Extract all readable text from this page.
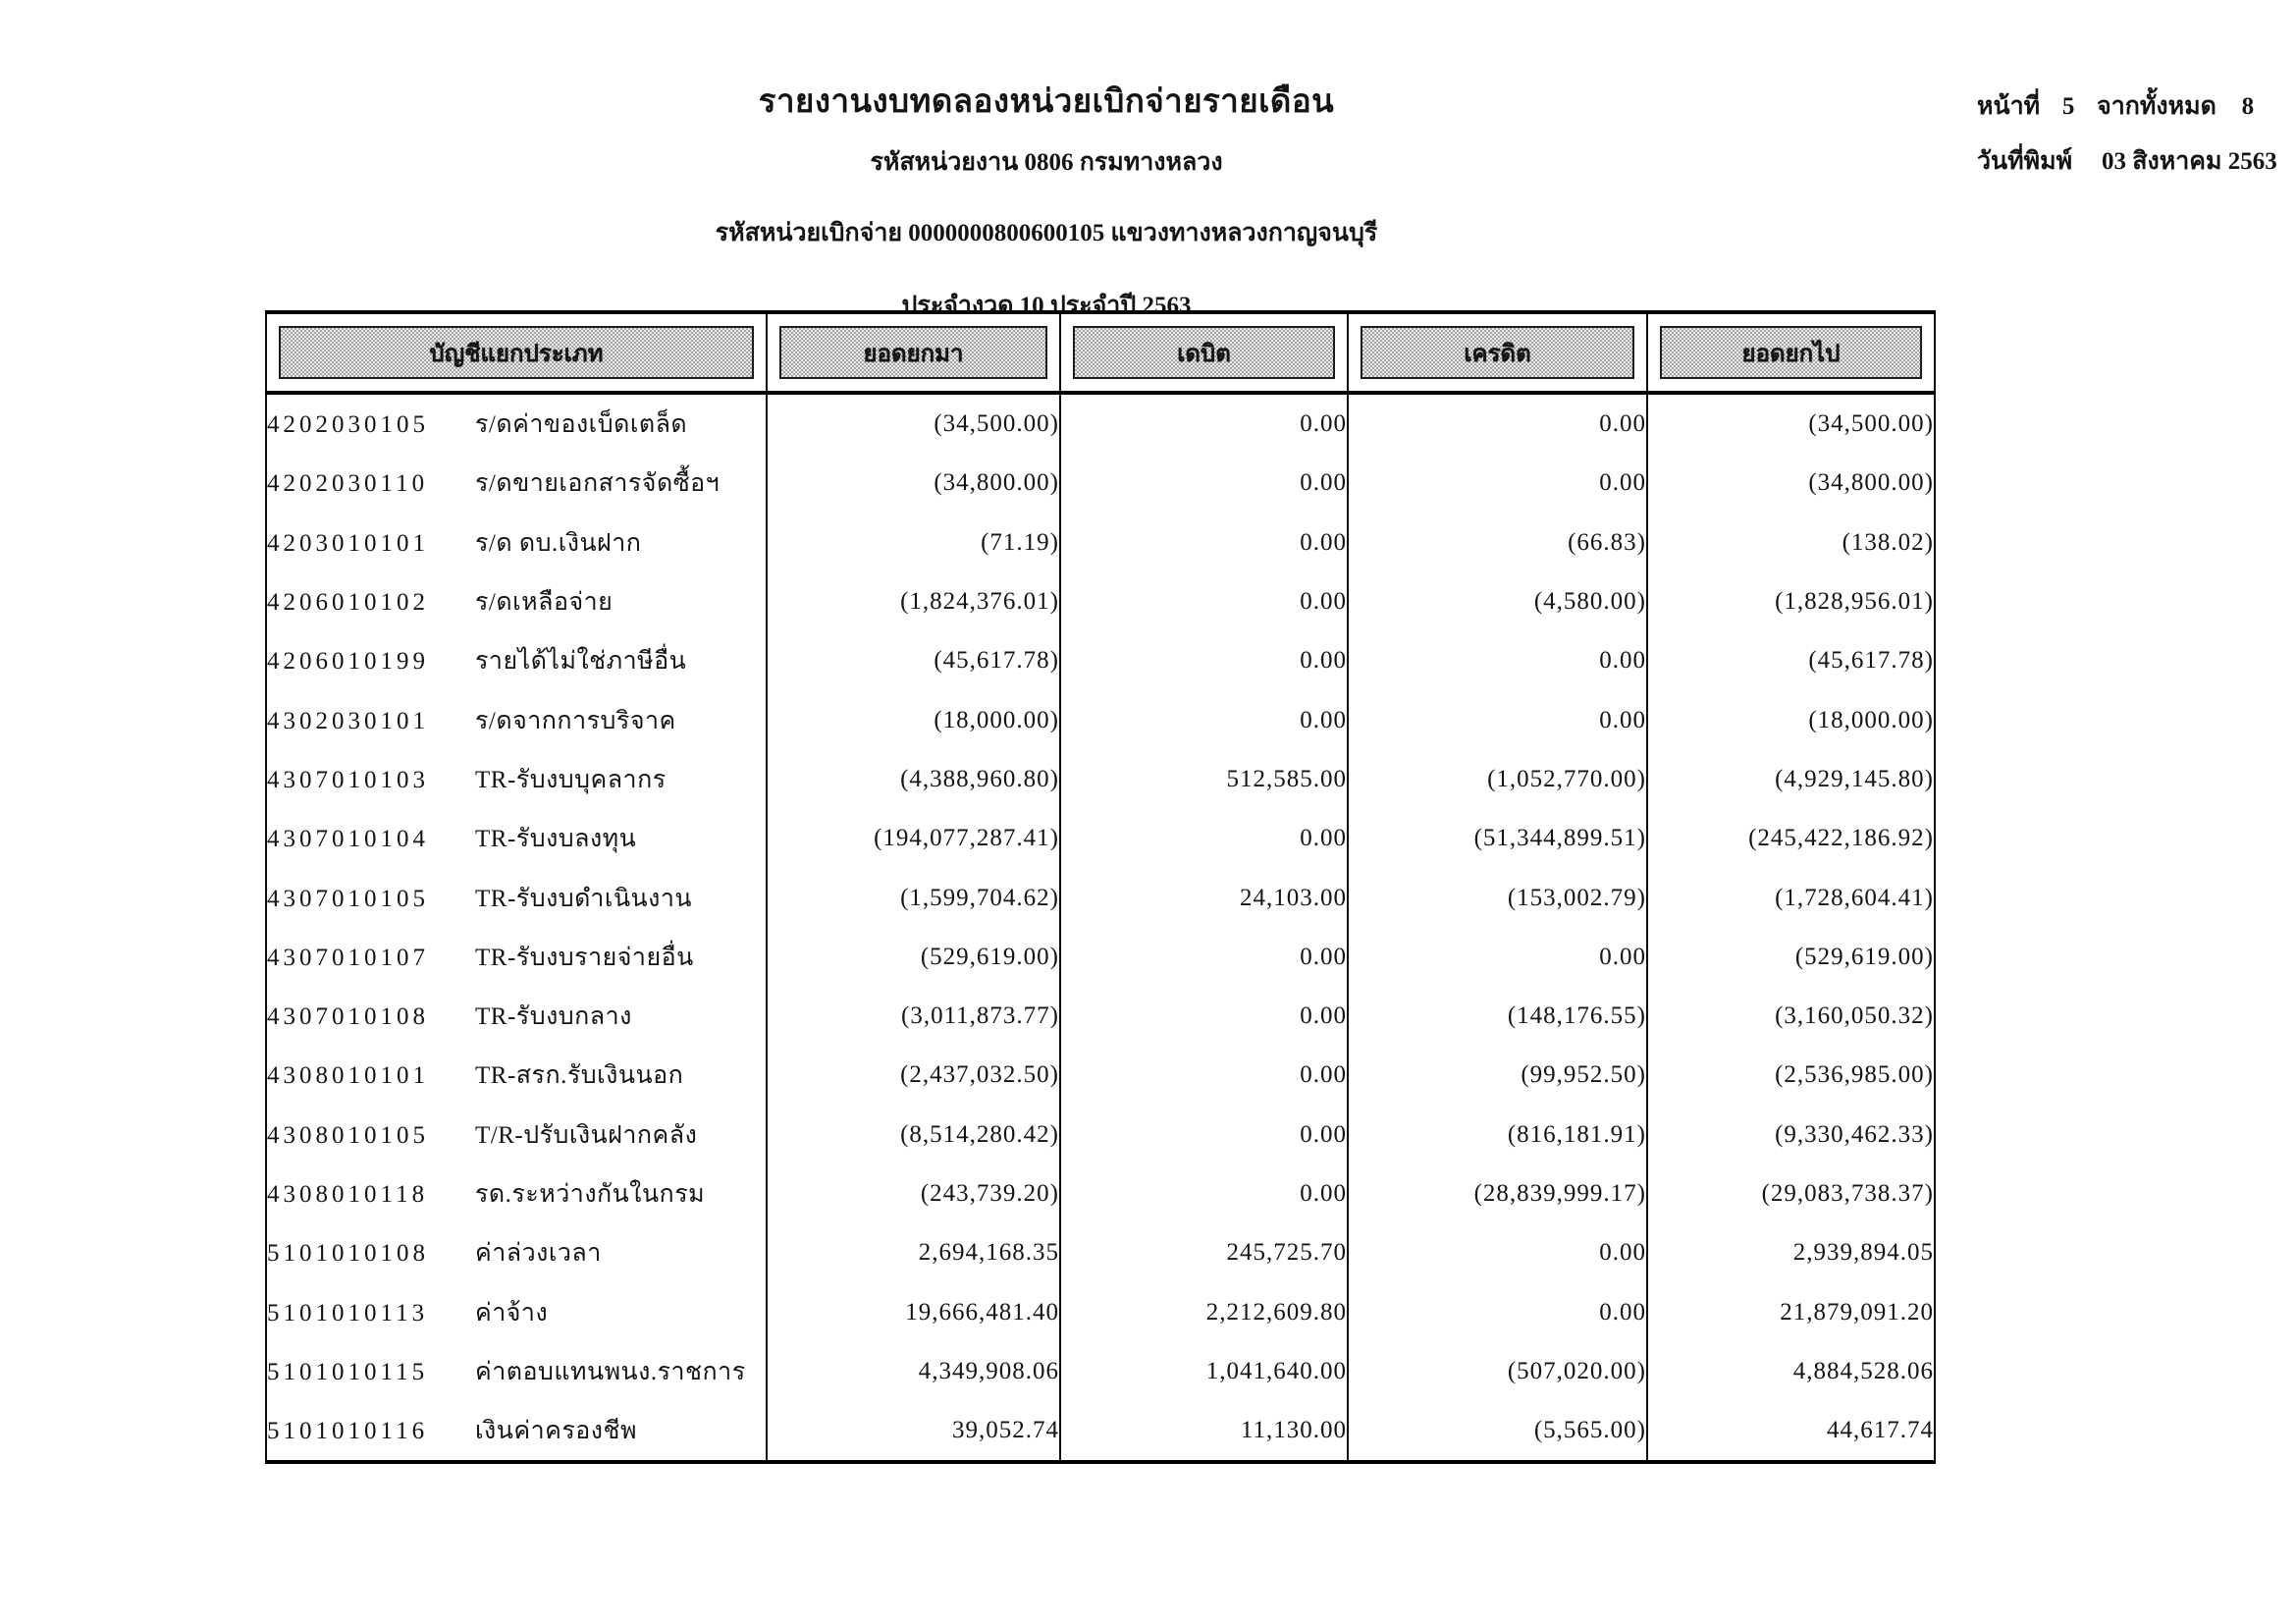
รายงานงบทดลองหน่วยเบิกจ่ายรายเดือน
รหัสหน่วยงาน 0806 กรมทางหลวง
รหัสหน่วยเบิกจ่าย 0000000800600105 แขวงทางหลวงกาญจนบุรี
ประจำงวด 10 ประจำปี 2563
หน้าที่ 5 จากทั้งหมด	8
วันที่พิมพ์ 03 สิงหาคม 2563
บัญชีแยกประเภท	ยอดยกมา	เดบิต	เครดิต	ยอดยกไป

4202030105 ร/ดค่าของเบ็ดเตล็ด	(34,500.00)	0.00	0.00	(34,500.00)
4202030110 ร/ดขายเอกสารจัดซื้อฯ	(34,800.00)	0.00	0.00	(34,800.00)
4203010101 ร/ด ดบ.เงินฝาก	(71.19)	0.00	(66.83)	(138.02)
4206010102 ร/ดเหลือจ่าย	(1,824,376.01)	0.00	(4,580.00)	(1,828,956.01)
4206010199 รายได้ไม่ใช่ภาษีอื่น	(45,617.78)	0.00	0.00	(45,617.78)
4302030101 ร/ดจากการบริจาค	(18,000.00)	0.00	0.00	(18,000.00)
4307010103 TR-รับงบบุคลากร	(4,388,960.80)	512,585.00	(1,052,770.00)	(4,929,145.80)
4307010104 TR-รับงบลงทุน	(194,077,287.41)	0.00	(51,344,899.51)	(245,422,186.92)
4307010105 TR-รับงบดำเนินงาน	(1,599,704.62)	24,103.00	(153,002.79)	(1,728,604.41)
4307010107 TR-รับงบรายจ่ายอื่น	(529,619.00)	0.00	0.00	(529,619.00)
4307010108 TR-รับงบกลาง	(3,011,873.77)	0.00	(148,176.55)	(3,160,050.32)
4308010101 TR-สรก.รับเงินนอก	(2,437,032.50)	0.00	(99,952.50)	(2,536,985.00)
4308010105 T/R-ปรับเงินฝากคลัง	(8,514,280.42)	0.00	(816,181.91)	(9,330,462.33)
4308010118 รด.ระหว่างกันในกรม	(243,739.20)	0.00	(28,839,999.17)	(29,083,738.37)
5101010108 ค่าล่วงเวลา	2,694,168.35	245,725.70	0.00	2,939,894.05
5101010113 ค่าจ้าง	19,666,481.40	2,212,609.80	0.00	21,879,091.20
5101010115 ค่าตอบแทนพนง.ราชการ	4,349,908.06	1,041,640.00	(507,020.00)	4,884,528.06
5101010116 เงินค่าครองชีพ	39,052.74	11,130.00	(5,565.00)	44,617.74
